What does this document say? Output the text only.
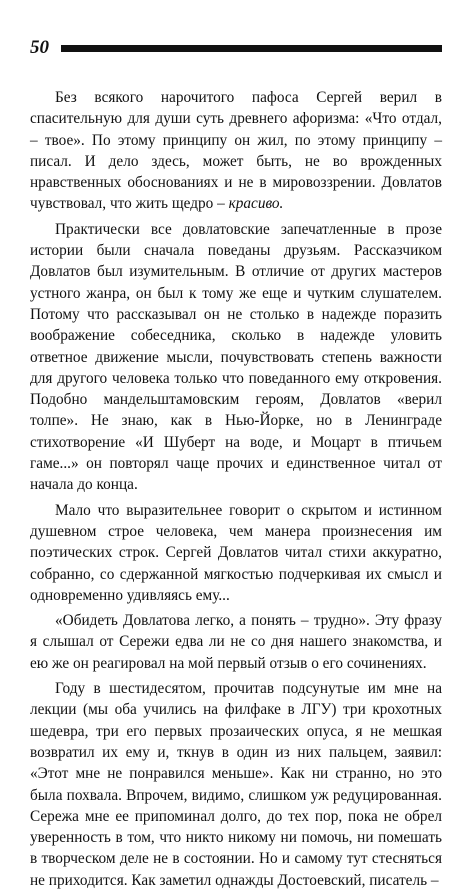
50

Без всякого нарочитого пафоса Сергей верил в спасительную для души суть древнего афоризма: «Что отдал, – твое». По этому принципу он жил, по этому принципу – писал. И дело здесь, может быть, не во врожденных нравственных обоснованиях и не в мировоззрении. Довлатов чувствовал, что жить щедро – красиво.

Практически все довлатовские запечатленные в прозе истории были сначала поведаны друзьям. Рассказчиком Довлатов был изумительным. В отличие от других мастеров устного жанра, он был к тому же еще и чутким слушателем. Потому что рассказывал он не столько в надежде поразить воображение собеседника, сколько в надежде уловить ответное движение мысли, почувствовать степень важности для другого человека только что поведанного ему откровения. Подобно мандельштамовским героям, Довлатов «верил толпе». Не знаю, как в Нью-Йорке, но в Ленинграде стихотворение «И Шуберт на воде, и Моцарт в птичьем гаме...» он повторял чаще прочих и единственное читал от начала до конца.

Мало что выразительнее говорит о скрытом и истинном душевном строе человека, чем манера произнесения им поэтических строк. Сергей Довлатов читал стихи аккуратно, собранно, со сдержанной мягкостью подчеркивая их смысл и одновременно удивляясь ему...

«Обидеть Довлатова легко, а понять – трудно». Эту фразу я слышал от Сережи едва ли не со дня нашего знакомства, и ею же он реагировал на мой первый отзыв о его сочинениях.

Году в шестидесятом, прочитав подсунутые им мне на лекции (мы оба учились на филфаке в ЛГУ) три крохотных шедевра, три его первых прозаических опуса, я не мешкая возвратил их ему и, ткнув в один из них пальцем, заявил: «Этот мне не понравился меньше». Как ни странно, но это была похвала. Впрочем, видимо, слишком уж редуцированная. Сережа мне ее припоминал долго, до тех пор, пока не обрел уверенность в том, что никто никому ни помочь, ни помешать в творческом деле не в состоянии. Но и самому тут стесняться не приходится. Как заметил однажды Достоевский, писатель –
